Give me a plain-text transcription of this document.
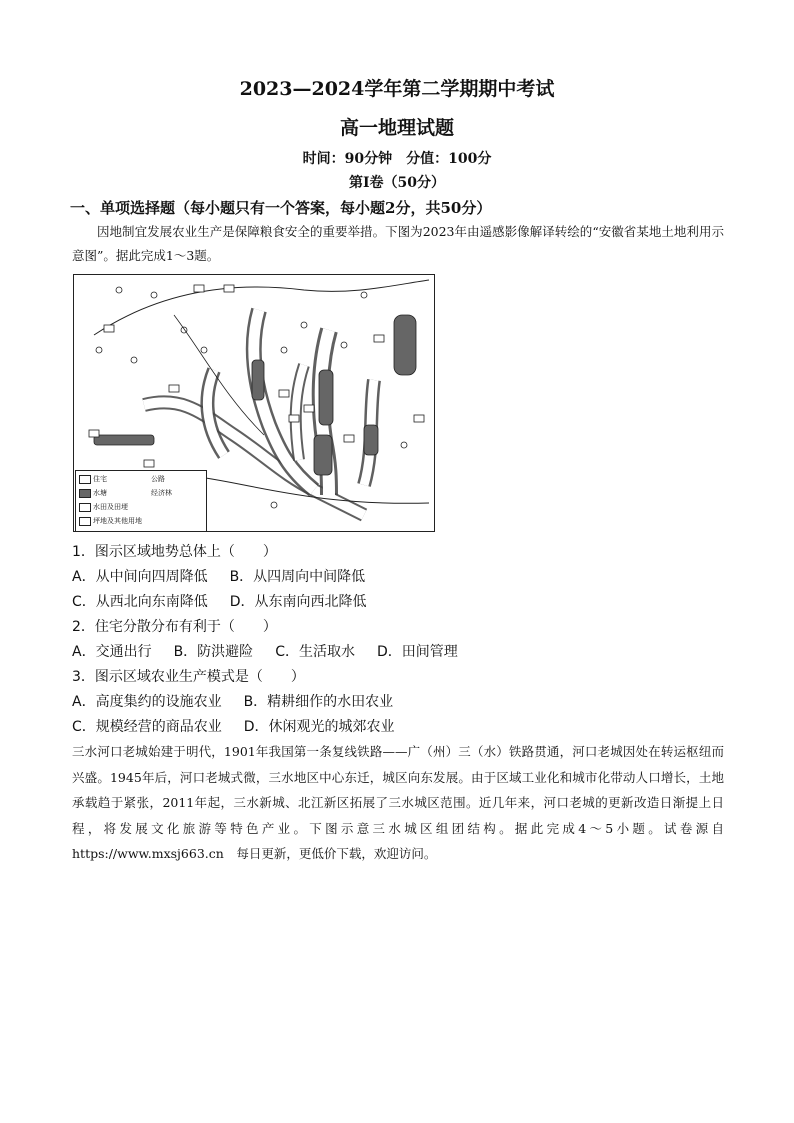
2023—2024学年第二学期期中考试
高一地理试题
时间：90分钟　分值：100分
第Ⅰ卷（50分）
一、单项选择题（每小题只有一个答案，每小题2分，共50分）
因地制宜发展农业生产是保障粮食安全的重要举措。下图为2023年由遥感影像解译转绘的“安徽省某地土地利用示意图”。据此完成1～3题。
住宅	公路
水塘	经济林
水田及田埂
坪地及其他用地
1．图示区域地势总体上（　　）
A．从中间向四周降低 B．从四周向中间降低
C．从西北向东南降低 D．从东南向西北降低
2．住宅分散分布有利于（　　）
A．交通出行 B．防洪避险 C．生活取水 D．田间管理
3．图示区域农业生产模式是（　　）
A．高度集约的设施农业 B．精耕细作的水田农业
C．规模经营的商品农业 D．休闲观光的城郊农业
三水河口老城始建于明代，1901年我国第一条复线铁路——广（州）三（水）铁路贯通，河口老城因处在转运枢纽而兴盛。1945年后，河口老城式微，三水地区中心东迁，城区向东发展。由于区域工业化和城市化带动人口增长，土地承载趋于紧张，2011年起，三水新城、北江新区拓展了三水城区范围。近几年来，河口老城的更新改造日渐提上日程，将发展文化旅游等特色产业。下图示意三水城区组团结构。据此完成4～5小题。试卷源自　https://www.mxsj663.cn　每日更新，更低价下载，欢迎访问。
